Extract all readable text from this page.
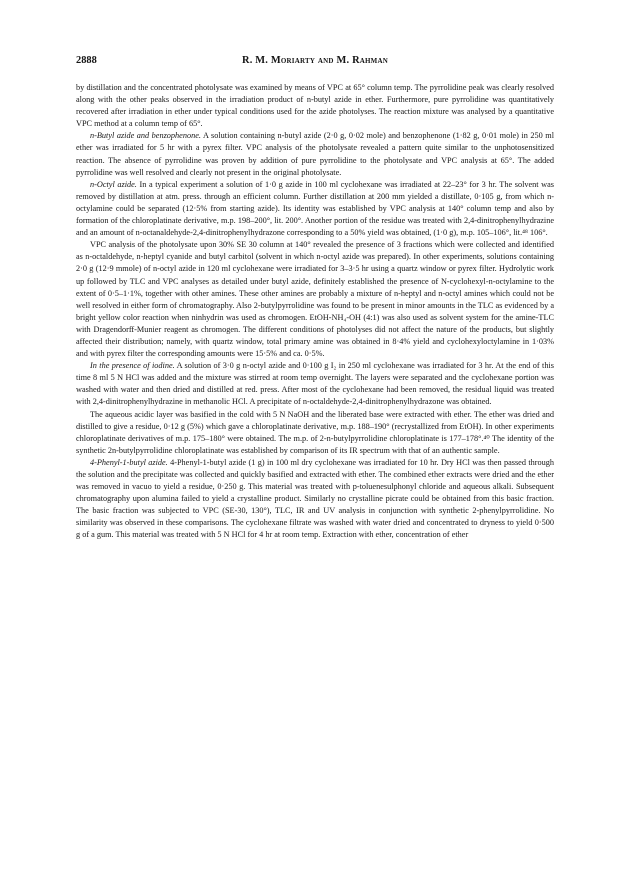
2888	R. M. Moriarty and M. Rahman

by distillation and the concentrated photolysate was examined by means of VPC at 65° column temp. The pyrrolidine peak was clearly resolved along with the other peaks observed in the irradiation product of n-butyl azide in ether. Furthermore, pure pyrrolidine was quantitatively recovered after irradiation in ether under typical conditions used for the azide photolyses. The reaction mixture was analysed by a quantitative VPC method at a column temp of 65°.

n-Butyl azide and benzophenone. A solution containing n-butyl azide (2·0 g, 0·02 mole) and benzophenone (1·82 g, 0·01 mole) in 250 ml ether was irradiated for 5 hr with a pyrex filter. VPC analysis of the photolysate revealed a pattern quite similar to the unphotosensitized reaction. The absence of pyrrolidine was proven by addition of pure pyrrolidine to the photolysate and VPC analysis at 65°. The added pyrrolidine was well resolved and clearly not present in the original photolysate.

n-Octyl azide. In a typical experiment a solution of 1·0 g azide in 100 ml cyclohexane was irradiated at 22–23° for 3 hr. The solvent was removed by distillation at atm. press. through an efficient column. Further distillation at 200 mm yielded a distillate, 0·105 g, from which n-octylamine could be separated (12·5% from starting azide). Its identity was established by VPC analysis at 140° column temp and also by formation of the chloroplatinate derivative, m.p. 198–200°, lit. 200°. Another portion of the residue was treated with 2,4-dinitrophenylhydrazine and an amount of n-octanaldehyde-2,4-dinitrophenylhydrazone corresponding to a 50% yield was obtained, (1·0 g), m.p. 105–106°, lit.⁴⁸ 106°.

VPC analysis of the photolysate upon 30% SE 30 column at 140° revealed the presence of 3 fractions which were collected and identified as n-octaldehyde, n-heptyl cyanide and butyl carbitol (solvent in which n-octyl azide was prepared). In other experiments, solutions containing 2·0 g (12·9 mmole) of n-octyl azide in 120 ml cyclohexane were irradiated for 3–3·5 hr using a quartz window or pyrex filter. Hydrolytic work up followed by TLC and VPC analyses as detailed under butyl azide, definitely established the presence of N-cyclohexyl-n-octylamine to the extent of 0·5–1·1%, together with other amines. These other amines are probably a mixture of n-heptyl and n-octyl amines which could not be well resolved in either form of chromatography. Also 2-butylpyrrolidine was found to be present in minor amounts in the TLC as evidenced by a bright yellow color reaction when ninhydrin was used as chromogen. EtOH-NH₄-OH (4:1) was also used as solvent system for the amine-TLC with Dragendorff-Munier reagent as chromogen. The different conditions of photolyses did not affect the nature of the products, but slightly affected their distribution; namely, with quartz window, total primary amine was obtained in 8·4% yield and cyclohexyloctylamine in 1·03% and with pyrex filter the corresponding amounts were 15·5% and ca. 0·5%.

In the presence of iodine. A solution of 3·0 g n-octyl azide and 0·100 g I₂ in 250 ml cyclohexane was irradiated for 3 hr. At the end of this time 8 ml 5 N HCl was added and the mixture was stirred at room temp overnight. The layers were separated and the cyclohexane portion was washed with water and then dried and distilled at red. press. After most of the cyclohexane had been removed, the residual liquid was treated with 2,4-dinitrophenylhydrazine in methanolic HCl. A precipitate of n-octaldehyde-2,4-dinitrophenylhydrazone was obtained.

The aqueous acidic layer was basified in the cold with 5 N NaOH and the liberated base were extracted with ether. The ether was dried and distilled to give a residue, 0·12 g (5%) which gave a chloroplatinate derivative, m.p. 188–190° (recrystallized from EtOH). In other experiments chloroplatinate derivatives of m.p. 175–180° were obtained. The m.p. of 2-n-butylpyrrolidine chloroplatinate is 177–178°.⁴⁰ The identity of the synthetic 2n-butylpyrrolidine chloroplatinate was established by comparison of its IR spectrum with that of an authentic sample.

4-Phenyl-1-butyl azide. 4-Phenyl-1-butyl azide (1 g) in 100 ml dry cyclohexane was irradiated for 10 hr. Dry HCl was then passed through the solution and the precipitate was collected and quickly basified and extracted with ether. The combined ether extracts were dried and the ether was removed in vacuo to yield a residue, 0·250 g. This material was treated with p-toluenesulphonyl chloride and aqueous alkali. Subsequent chromatography upon alumina failed to yield a crystalline product. Similarly no crystalline picrate could be obtained from this basic fraction. The basic fraction was subjected to VPC (SE-30, 130°), TLC, IR and UV analysis in conjunction with synthetic 2-phenylpyrrolidine. No similarity was observed in these comparisons. The cyclohexane filtrate was washed with water dried and concentrated to dryness to yield 0·500 g of a gum. This material was treated with 5 N HCl for 4 hr at room temp. Extraction with ether, concentration of ether
